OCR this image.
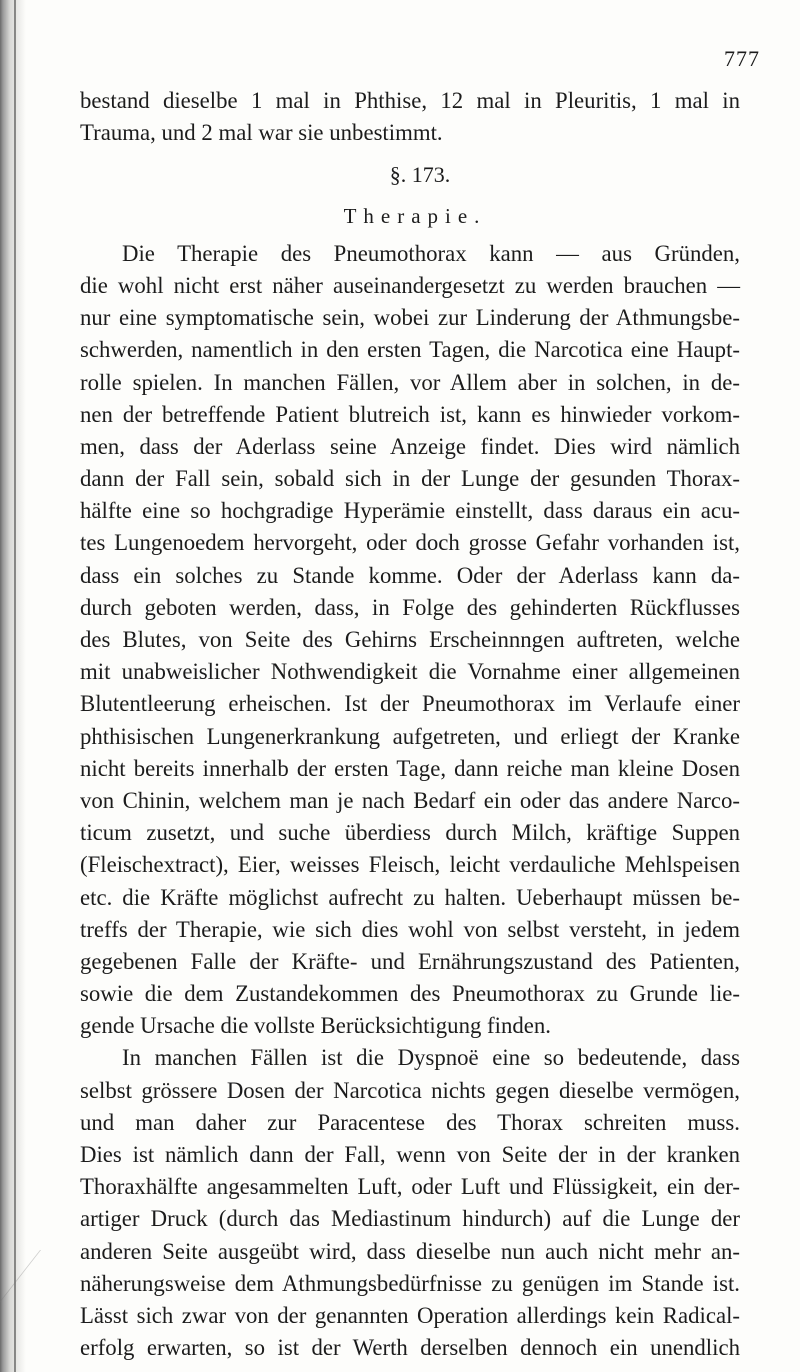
777
bestand dieselbe 1 mal in Phthise, 12 mal in Pleuritis, 1 mal in
Trauma, und 2 mal war sie unbestimmt.
§. 173.
Therapie.
Die Therapie des Pneumothorax kann — aus Gründen,
die wohl nicht erst näher auseinandergesetzt zu werden brauchen —
nur eine symptomatische sein, wobei zur Linderung der Athmungsbe-
schwerden, namentlich in den ersten Tagen, die Narcotica eine Haupt-
rolle spielen. In manchen Fällen, vor Allem aber in solchen, in de-
nen der betreffende Patient blutreich ist, kann es hinwieder vorkom-
men, dass der Aderlass seine Anzeige findet. Dies wird nämlich
dann der Fall sein, sobald sich in der Lunge der gesunden Thorax-
hälfte eine so hochgradige Hyperämie einstellt, dass daraus ein acu-
tes Lungenoedem hervorgeht, oder doch grosse Gefahr vorhanden ist,
dass ein solches zu Stande komme. Oder der Aderlass kann da-
durch geboten werden, dass, in Folge des gehinderten Rückflusses
des Blutes, von Seite des Gehirns Erscheinnngen auftreten, welche
mit unabweislicher Nothwendigkeit die Vornahme einer allgemeinen
Blutentleerung erheischen. Ist der Pneumothorax im Verlaufe einer
phthisischen Lungenerkrankung aufgetreten, und erliegt der Kranke
nicht bereits innerhalb der ersten Tage, dann reiche man kleine Dosen
von Chinin, welchem man je nach Bedarf ein oder das andere Narco-
ticum zusetzt, und suche überdiess durch Milch, kräftige Suppen
(Fleischextract), Eier, weisses Fleisch, leicht verdauliche Mehlspeisen
etc. die Kräfte möglichst aufrecht zu halten. Ueberhaupt müssen be-
treffs der Therapie, wie sich dies wohl von selbst versteht, in jedem
gegebenen Falle der Kräfte- und Ernährungszustand des Patienten,
sowie die dem Zustandekommen des Pneumothorax zu Grunde lie-
gende Ursache die vollste Berücksichtigung finden.
In manchen Fällen ist die Dyspnoë eine so bedeutende, dass
selbst grössere Dosen der Narcotica nichts gegen dieselbe vermögen,
und man daher zur Paracentese des Thorax schreiten muss.
Dies ist nämlich dann der Fall, wenn von Seite der in der kranken
Thoraxhälfte angesammelten Luft, oder Luft und Flüssigkeit, ein der-
artiger Druck (durch das Mediastinum hindurch) auf die Lunge der
anderen Seite ausgeübt wird, dass dieselbe nun auch nicht mehr an-
näherungsweise dem Athmungsbedürfnisse zu genügen im Stande ist.
Lässt sich zwar von der genannten Operation allerdings kein Radical-
erfolg erwarten, so ist der Werth derselben dennoch ein unendlich
